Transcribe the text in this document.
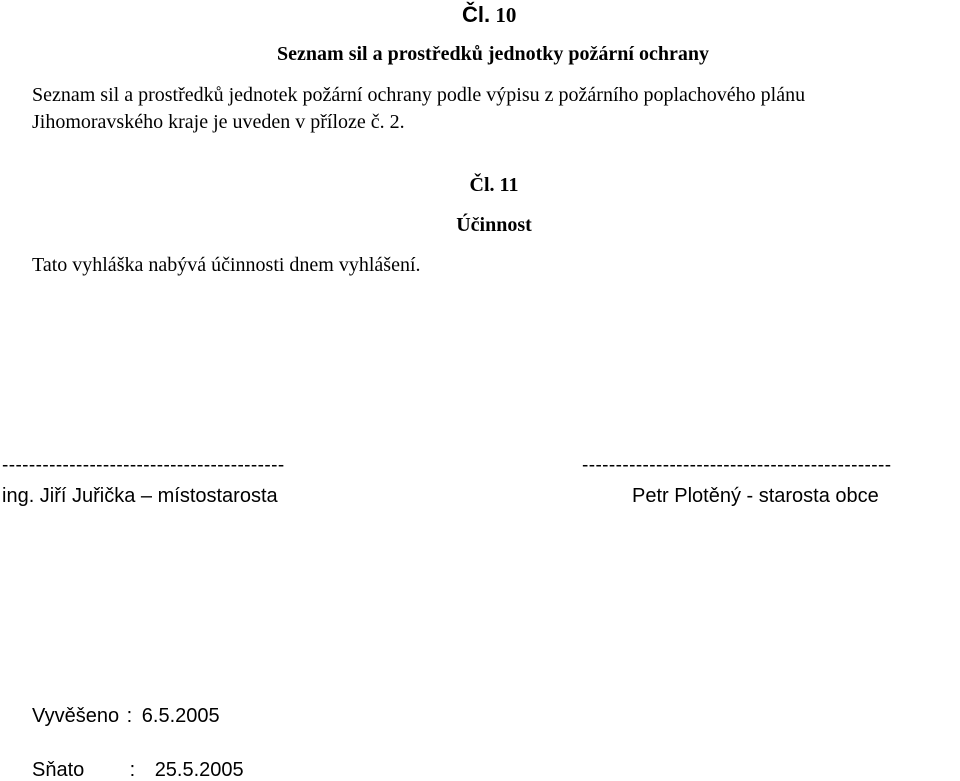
Čl. 10
Seznam sil a prostředků jednotky požární ochrany
Seznam sil a prostředků jednotek požární ochrany podle výpisu z požárního poplachového plánu
Jihomoravského kraje je uveden v příloze č. 2.
Čl. 11
Účinnost
Tato vyhláška nabývá účinnosti dnem vyhlášení.
------------------------------------------
ing. Jiří Juřička – místostarosta
----------------------------------------------
Petr Plotěný - starosta obce
Vyvěšeno : 6.5.2005
Sňato : 25.5.2005
